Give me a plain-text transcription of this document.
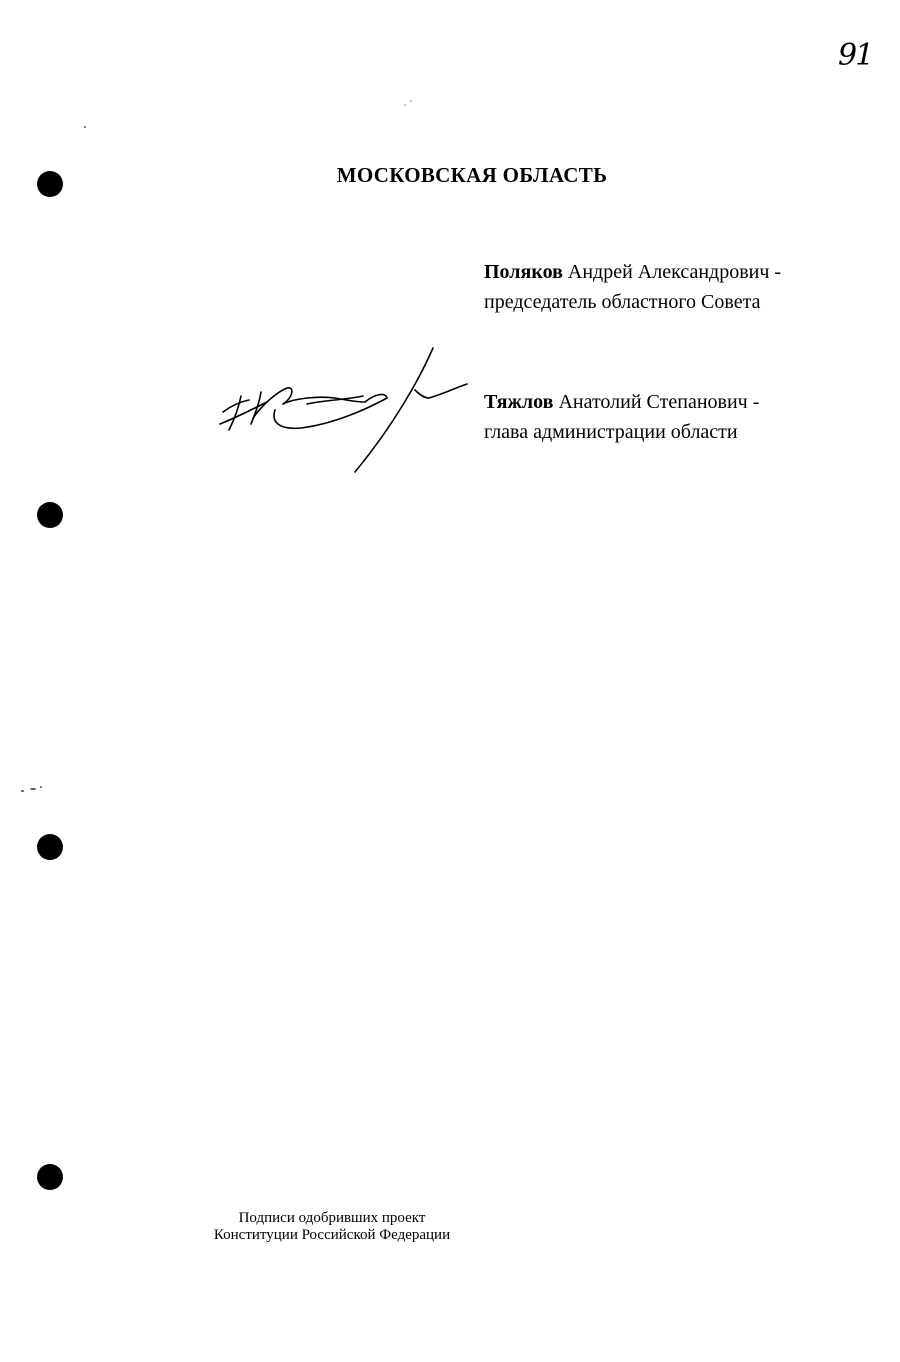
91
МОСКОВСКАЯ ОБЛАСТЬ
Поляков Андрей Александрович -
председатель областного Совета
Тяжлов Анатолий Степанович -
глава администрации области
Подписи одобривших проект
Конституции Российской Федерации
